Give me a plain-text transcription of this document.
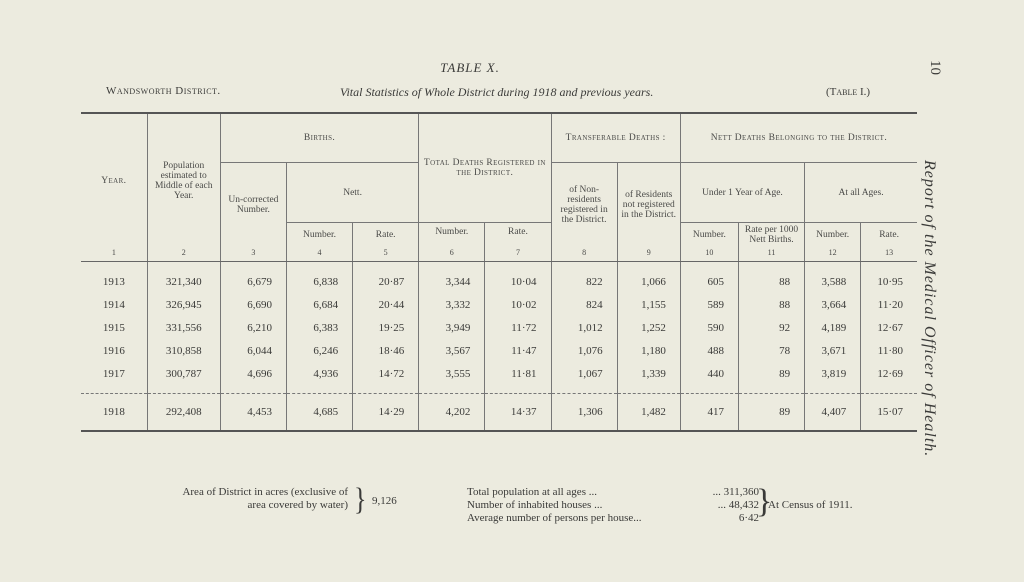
10
Report of the Medical Officer of Health.
TABLE X.
Wandsworth District.	Vital Statistics of Whole District during 1918 and previous years.	(Table I.)
Year.	Population estimated to Middle of each Year.	Births.			Total Deaths Registered in the District.		Transferable Deaths :		Nett Deaths Belonging to the District.			
		Un-corrected Number.	Nett.				of Non-residents registered in the District.	of Residents not registered in the District.	Under 1 Year of Age.		At all Ages.	
			Number.	Rate.	Number.	Rate.			Number.	Rate per 1000 Nett Births.	Number.	Rate.

1	2	3	4	5	6	7	8	9	10	11	12	13

1913	321,340	6,679	6,838	20·87	3,344	10·04	822	1,066	605	88	3,588	10·95
1914	326,945	6,690	6,684	20·44	3,332	10·02	824	1,155	589	88	3,664	11·20
1915	331,556	6,210	6,383	19·25	3,949	11·72	1,012	1,252	590	92	4,189	12·67
1916	310,858	6,044	6,246	18·46	3,567	11·47	1,076	1,180	488	78	3,671	11·80
1917	300,787	4,696	4,936	14·72	3,555	11·81	1,067	1,339	440	89	3,819	12·69

1918	292,408	4,453	4,685	14·29	4,202	14·37	1,306	1,482	417	89	4,407	15·07
Area of District in acres (exclusive of
area covered by water) } 9,126
Total population at all ages ...	... 311,360
Number of inhabited houses ...	... 48,432
Average number of persons per house...	6·42
}
At Census of 1911.
